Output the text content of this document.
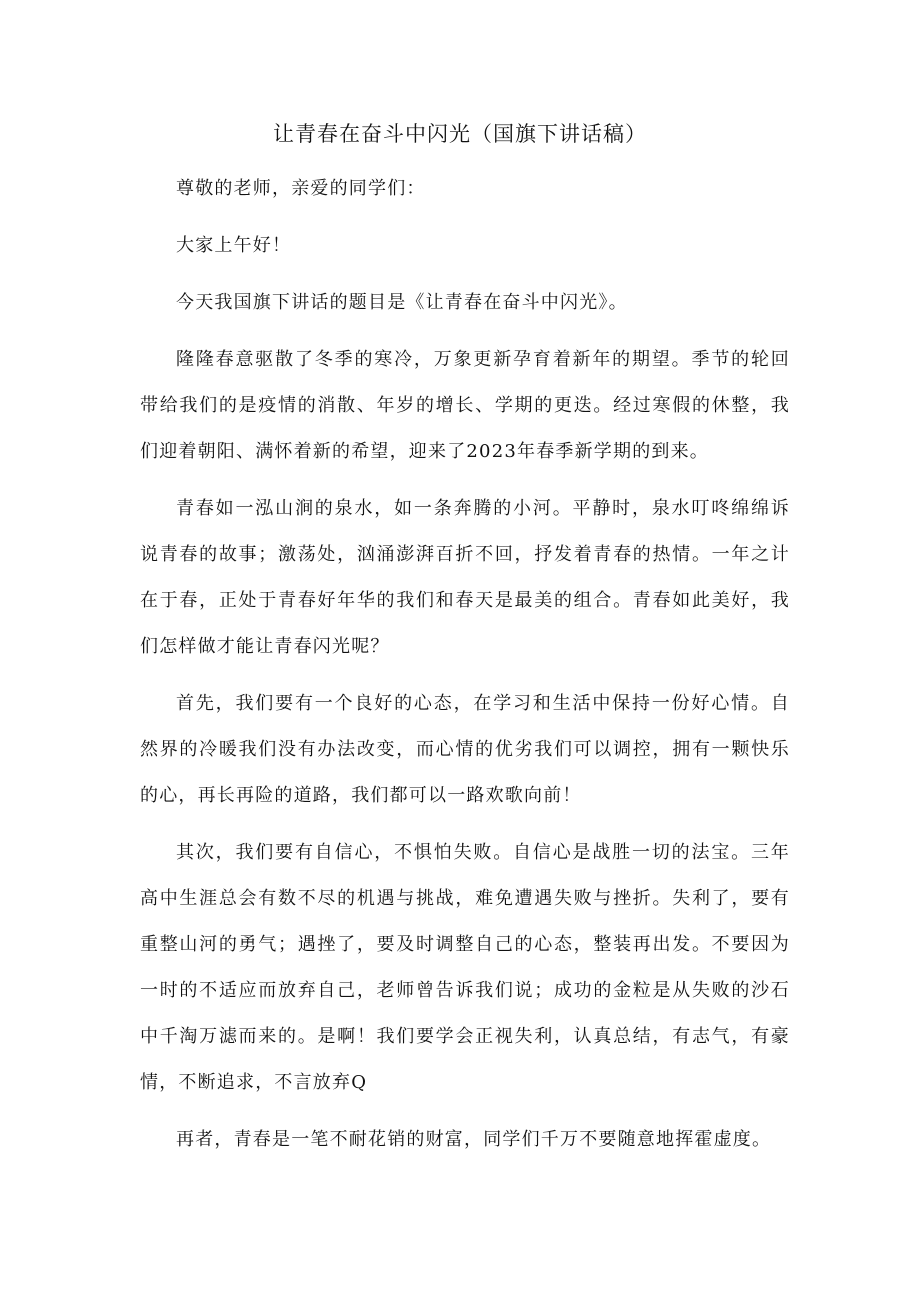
让青春在奋斗中闪光（国旗下讲话稿）

尊敬的老师，亲爱的同学们：

大家上午好！

今天我国旗下讲话的题目是《让青春在奋斗中闪光》。

隆隆春意驱散了冬季的寒冷，万象更新孕育着新年的期望。季节的轮回带给我们的是疫情的消散、年岁的增长、学期的更迭。经过寒假的休整，我们迎着朝阳、满怀着新的希望，迎来了2023年春季新学期的到来。

青春如一泓山涧的泉水，如一条奔腾的小河。平静时，泉水叮咚绵绵诉说青春的故事；激荡处，汹涌澎湃百折不回，抒发着青春的热情。一年之计在于春，正处于青春好年华的我们和春天是最美的组合。青春如此美好，我们怎样做才能让青春闪光呢？

首先，我们要有一个良好的心态，在学习和生活中保持一份好心情。自然界的冷暖我们没有办法改变，而心情的优劣我们可以调控，拥有一颗快乐的心，再长再险的道路，我们都可以一路欢歌向前！

其次，我们要有自信心，不惧怕失败。自信心是战胜一切的法宝。三年高中生涯总会有数不尽的机遇与挑战，难免遭遇失败与挫折。失利了，要有重整山河的勇气；遇挫了，要及时调整自己的心态，整装再出发。不要因为一时的不适应而放弃自己，老师曾告诉我们说；成功的金粒是从失败的沙石中千淘万滤而来的。是啊！我们要学会正视失利，认真总结，有志气，有豪情，不断追求，不言放弃Q

再者，青春是一笔不耐花销的财富，同学们千万不要随意地挥霍虚度。
